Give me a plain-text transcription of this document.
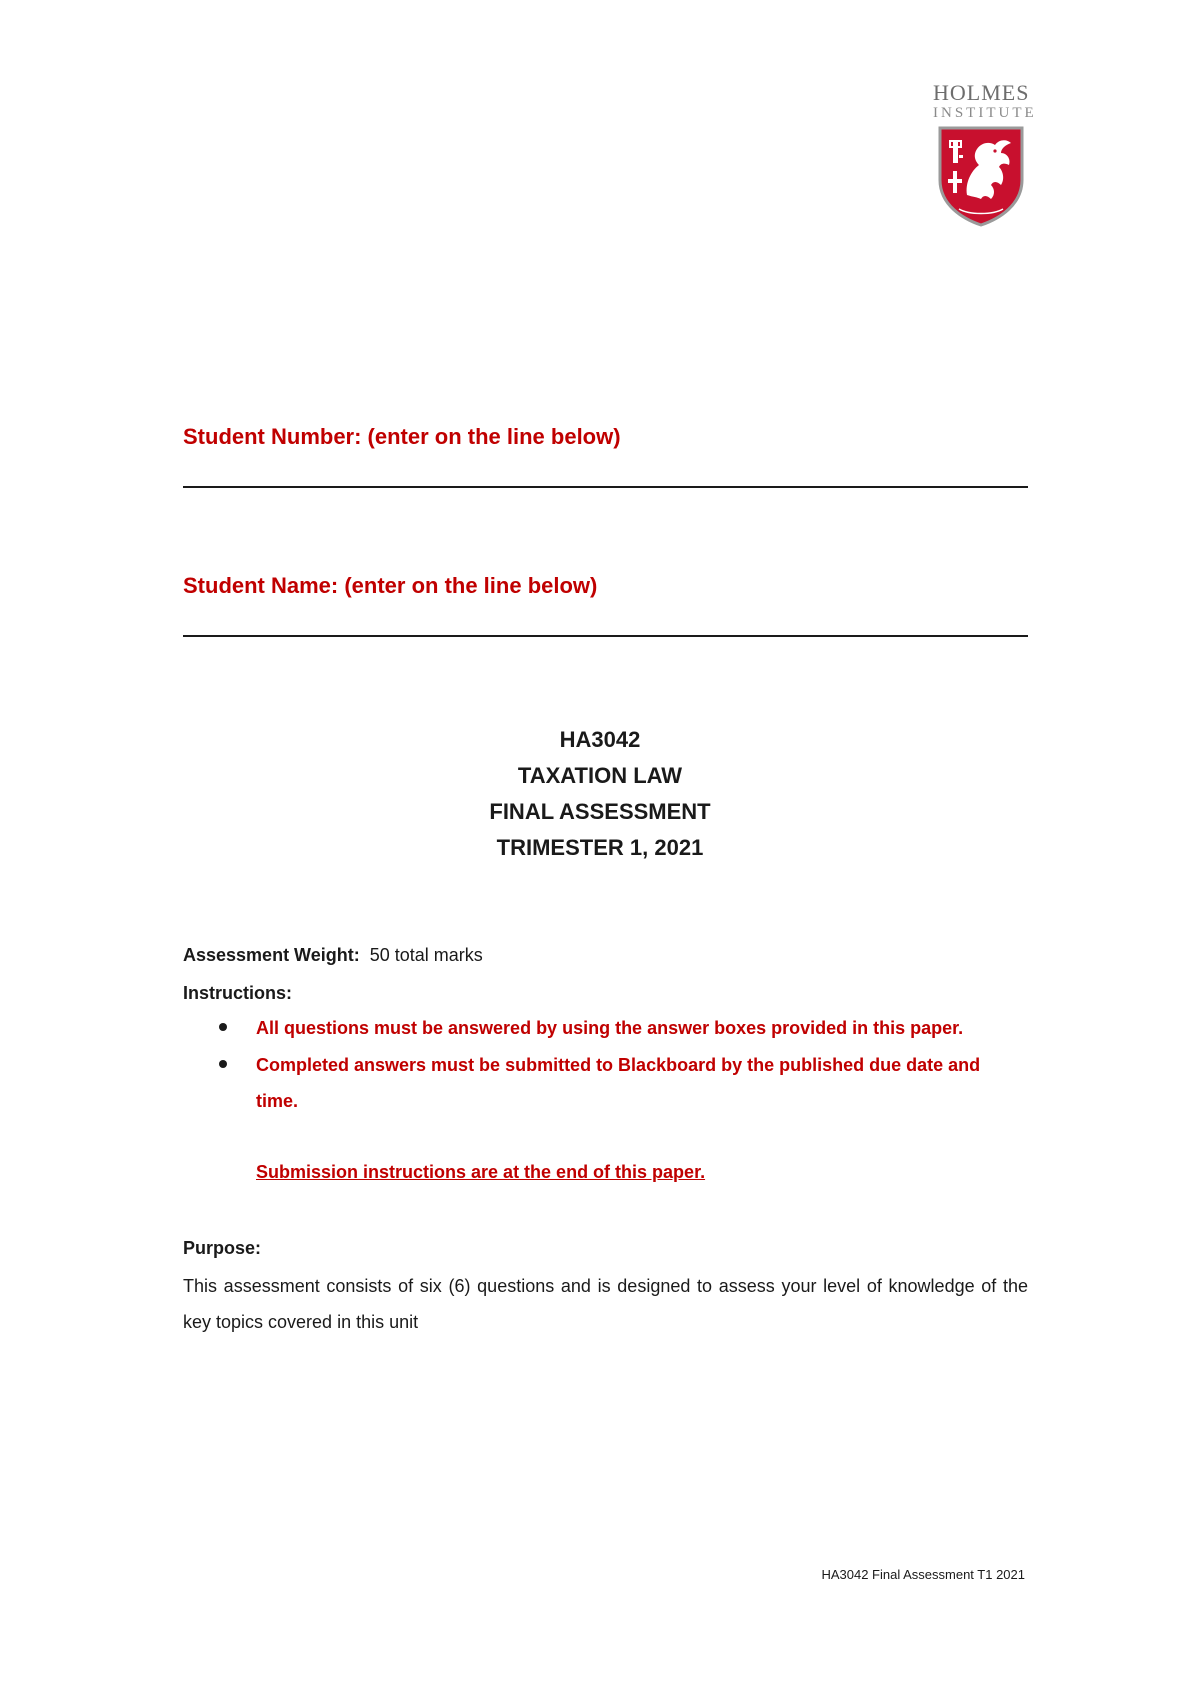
HOLMES
INSTITUTE
Student Number: (enter on the line below)
Student Name: (enter on the line below)
HA3042
TAXATION LAW
FINAL ASSESSMENT
TRIMESTER 1, 2021
Assessment Weight: 50 total marks
Instructions:
All questions must be answered by using the answer boxes provided in this paper.
Completed answers must be submitted to Blackboard by the published due date and time.
Submission instructions are at the end of this paper.
Purpose:
This assessment consists of six (6) questions and is designed to assess your level of knowledge of the key topics covered in this unit
HA3042 Final Assessment T1 2021
